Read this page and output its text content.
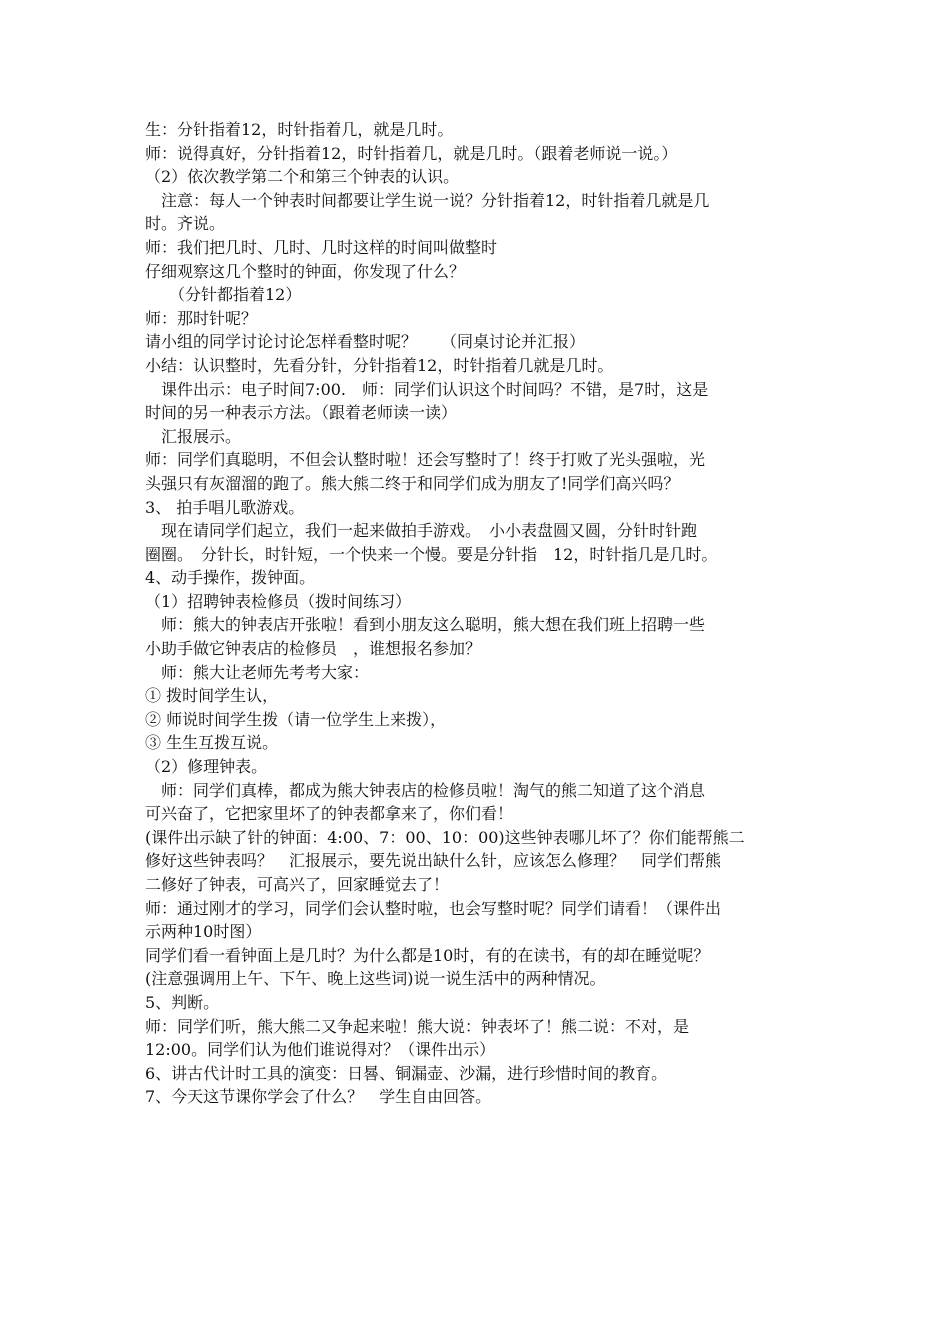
生：分针指着12，时针指着几，就是几时。
师：说得真好，分针指着12，时针指着几，就是几时。（跟着老师说一说。）
（2）依次教学第二个和第三个钟表的认识。
　注意：每人一个钟表时间都要让学生说一说？分针指着12，时针指着几就是几
时。齐说。
师：我们把几时、几时、几时这样的时间叫做整时
仔细观察这几个整时的钟面，你发现了什么？
　　（分针都指着12）
师：那时针呢？
请小组的同学讨论讨论怎样看整时呢？　　（同桌讨论并汇报）
小结：认识整时，先看分针，分针指着12，时针指着几就是几时。
　课件出示：电子时间7:00.　师：同学们认识这个时间吗？不错，是7时，这是
时间的另一种表示方法。（跟着老师读一读）
　汇报展示。
师：同学们真聪明，不但会认整时啦！还会写整时了！终于打败了光头强啦，光
头强只有灰溜溜的跑了。熊大熊二终于和同学们成为朋友了!同学们高兴吗？
3、 拍手唱儿歌游戏。
　现在请同学们起立，我们一起来做拍手游戏。　小小表盘圆又圆，分针时针跑
圈圈。　分针长，时针短，一个快来一个慢。要是分针指　12，时针指几是几时。
4、动手操作，拨钟面。
（1）招聘钟表检修员（拨时间练习）
　师：熊大的钟表店开张啦！看到小朋友这么聪明，熊大想在我们班上招聘一些
小助手做它钟表店的检修员　，谁想报名参加？
　师：熊大让老师先考考大家：
① 拨时间学生认，
② 师说时间学生拨（请一位学生上来拨），
③ 生生互拨互说。
（2）修理钟表。
　师：同学们真棒，都成为熊大钟表店的检修员啦！淘气的熊二知道了这个消息
可兴奋了，它把家里坏了的钟表都拿来了，你们看！
(课件出示缺了针的钟面：4:00、7：00、10：00)这些钟表哪儿坏了？你们能帮熊二
修好这些钟表吗？　汇报展示，要先说出缺什么针，应该怎么修理？　同学们帮熊
二修好了钟表，可高兴了，回家睡觉去了！
师：通过刚才的学习，同学们会认整时啦，也会写整时呢？同学们请看！（课件出
示两种10时图）
同学们看一看钟面上是几时？为什么都是10时，有的在读书，有的却在睡觉呢？
(注意强调用上午、下午、晚上这些词)说一说生活中的两种情况。
5、判断。
师：同学们听，熊大熊二又争起来啦！熊大说：钟表坏了！熊二说：不对，是
12:00。同学们认为他们谁说得对？（课件出示）
6、讲古代计时工具的演变：日晷、铜漏壶、沙漏，进行珍惜时间的教育。
7、今天这节课你学会了什么？　学生自由回答。
